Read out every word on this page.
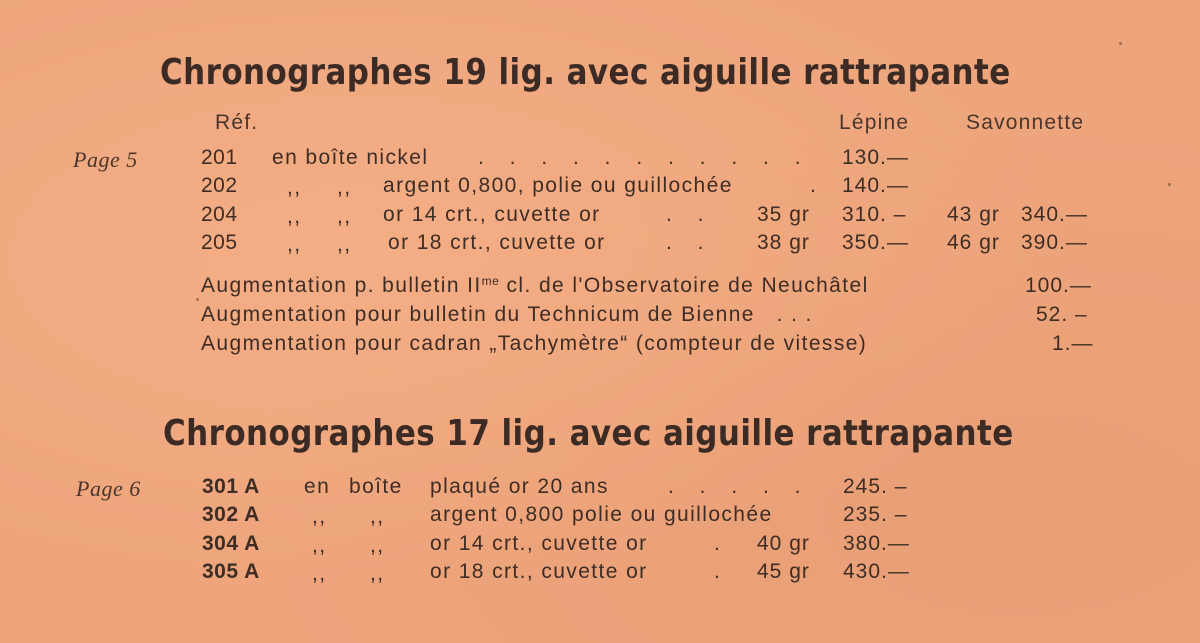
Chronographes 19 lig. avec aiguille rattrapante
Réf.	Lépine	Savonnette
Page 5	201 en boîte nickel . . . . . . . . . . . 130.—
202 ,, ,, argent 0,800, polie ou guillochée	. 140.—
204 ,, ,, or 14 crt., cuvette or	. . 35 gr 310. – 43 gr 340.—
205 ,, ,, or 18 crt., cuvette or	. . 38 gr 350.— 46 gr 390.—
Augmentation p. bulletin $II^{me}$ cl. de l'Observatoire de Neuchâtel	100.—
Augmentation pour bulletin du Technicum de Bienne   . . .	52. –
Augmentation pour cadran „Tachymètre“ (compteur de vitesse)	1.—
Chronographes 17 lig. avec aiguille rattrapante
Page 6	301 A en boîte plaqué or 20 ans	. . . . . 245. –
302 A ,, ,, argent 0,800 polie ou guillochée	235. –
304 A ,, ,, or 14 crt., cuvette or	. 40 gr 380.—
305 A ,, ,, or 18 crt., cuvette or	. 45 gr 430.—
